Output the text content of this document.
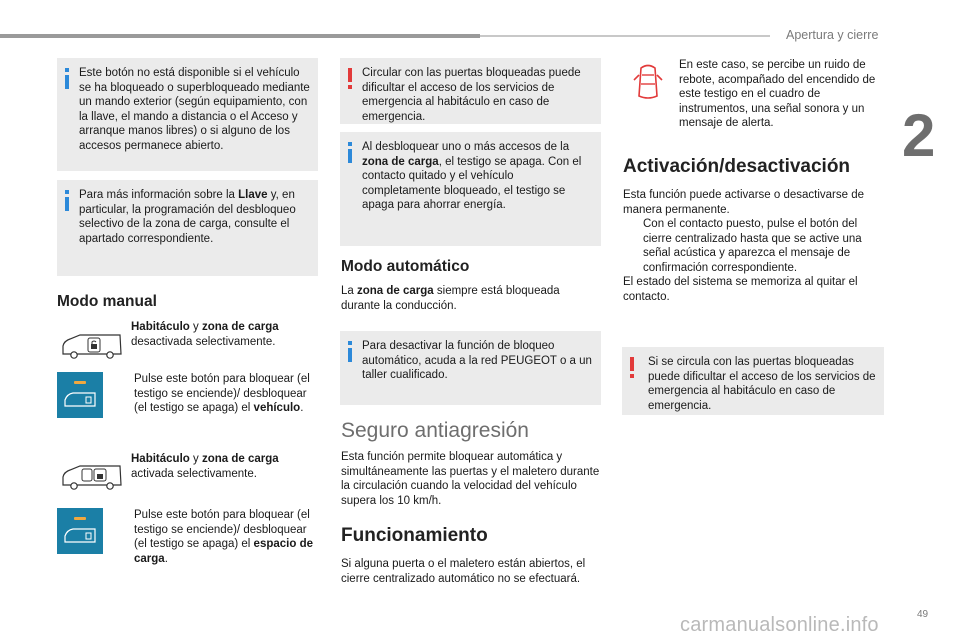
Apertura y cierre
2
Este botón no está disponible si el vehículo se ha bloqueado o superbloqueado mediante un mando exterior (según equipamiento, con la llave, el mando a distancia o el Acceso y arranque manos libres) o si alguno de los accesos permanece abierto.
Para más información sobre la Llave y, en particular, la programación del desbloqueo selectivo de la zona de carga, consulte el apartado correspondiente.
Modo manual
Habitáculo y zona de carga
desactivada selectivamente.
Pulse este botón para bloquear (el testigo se enciende)/ desbloquear (el testigo se apaga) el vehículo.
Habitáculo y zona de carga
activada selectivamente.
Pulse este botón para bloquear (el testigo se enciende)/ desbloquear (el testigo se apaga) el espacio de carga.
Circular con las puertas bloqueadas puede dificultar el acceso de los servicios de emergencia al habitáculo en caso de emergencia.
Al desbloquear uno o más accesos de la zona de carga, el testigo se apaga. Con el contacto quitado y el vehículo completamente bloqueado, el testigo se apaga para ahorrar energía.
Modo automático
La zona de carga siempre está bloqueada durante la conducción.
Para desactivar la función de bloqueo automático, acuda a la red PEUGEOT o a un taller cualificado.
Seguro antiagresión
Esta función permite bloquear automática y simultáneamente las puertas y el maletero durante la circulación cuando la velocidad del vehículo supera los 10 km/h.
Funcionamiento
Si alguna puerta o el maletero están abiertos, el cierre centralizado automático no se efectuará.
En este caso, se percibe un ruido de rebote, acompañado del encendido de este testigo en el cuadro de instrumentos, una señal sonora y un mensaje de alerta.
Activación/desactivación
Esta función puede activarse o desactivarse de manera permanente.
Con el contacto puesto, pulse el botón del cierre centralizado hasta que se active una señal acústica y aparezca el mensaje de confirmación correspondiente.
El estado del sistema se memoriza al quitar el contacto.
Si se circula con las puertas bloqueadas puede dificultar el acceso de los servicios de emergencia al habitáculo en caso de emergencia.
carmanualsonline.info	49
